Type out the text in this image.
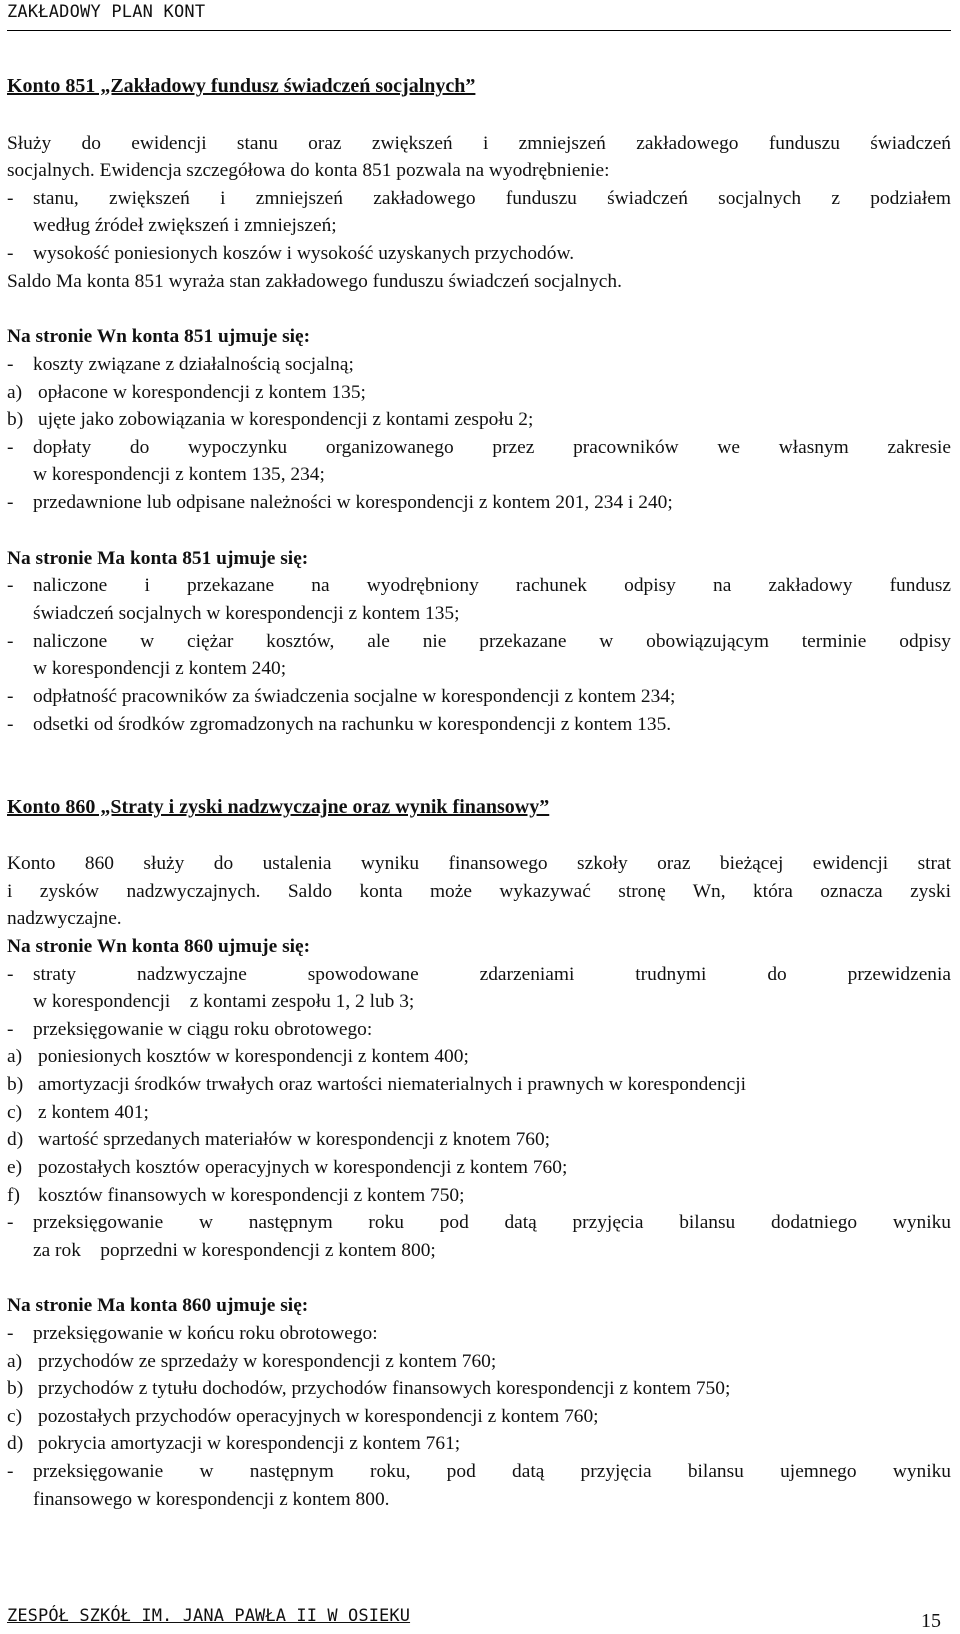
ZAKŁADOWY PLAN KONT
Konto 851 „Zakładowy fundusz świadczeń socjalnych”
Służy do ewidencji stanu oraz zwiększeń i zmniejszeń zakładowego funduszu świadczeń
socjalnych. Ewidencja szczegółowa do konta 851 pozwala na wyodrębnienie:
- stanu, zwiększeń i zmniejszeń zakładowego funduszu świadczeń socjalnych z podziałem
według źródeł zwiększeń i zmniejszeń;
- wysokość poniesionych koszów i wysokość uzyskanych przychodów.
Saldo Ma konta 851 wyraża stan zakładowego funduszu świadczeń socjalnych.
Na stronie Wn konta 851 ujmuje się:
- koszty związane z działalnością socjalną;
a) opłacone w korespondencji z kontem 135;
b) ujęte jako zobowiązania w korespondencji z kontami zespołu 2;
- dopłaty do wypoczynku organizowanego przez pracowników we własnym zakresie
w korespondencji z kontem 135, 234;
- przedawnione lub odpisane należności w korespondencji z kontem 201, 234 i 240;
Na stronie Ma konta 851 ujmuje się:
- naliczone i przekazane na wyodrębniony rachunek odpisy na zakładowy fundusz
świadczeń socjalnych w korespondencji z kontem 135;
- naliczone w ciężar kosztów, ale nie przekazane w obowiązującym terminie odpisy
w korespondencji z kontem 240;
- odpłatność pracowników za świadczenia socjalne w korespondencji z kontem 234;
- odsetki od środków zgromadzonych na rachunku w korespondencji z kontem 135.
Konto 860 „Straty i zyski nadzwyczajne oraz wynik finansowy”
Konto 860 służy do ustalenia wyniku finansowego szkoły oraz bieżącej ewidencji strat
i zysków nadzwyczajnych. Saldo konta może wykazywać stronę Wn, która oznacza zyski
nadzwyczajne.
Na stronie Wn konta 860 ujmuje się:
- straty nadzwyczajne spowodowane zdarzeniami trudnymi do przewidzenia
w korespondencji    z kontami zespołu 1, 2 lub 3;
- przeksięgowanie w ciągu roku obrotowego:
a) poniesionych kosztów w korespondencji z kontem 400;
b) amortyzacji środków trwałych oraz wartości niematerialnych i prawnych w korespondencji
c) z kontem 401;
d) wartość sprzedanych materiałów w korespondencji z knotem 760;
e) pozostałych kosztów operacyjnych w korespondencji z kontem 760;
f) kosztów finansowych w korespondencji z kontem 750;
- przeksięgowanie w następnym roku pod datą przyjęcia bilansu dodatniego wyniku
za rok    poprzedni w korespondencji z kontem 800;
Na stronie Ma konta 860 ujmuje się:
- przeksięgowanie w końcu roku obrotowego:
a) przychodów ze sprzedaży w korespondencji z kontem 760;
b) przychodów z tytułu dochodów, przychodów finansowych korespondencji z kontem 750;
c) pozostałych przychodów operacyjnych w korespondencji z kontem 760;
d) pokrycia amortyzacji w korespondencji z kontem 761;
- przeksięgowanie w następnym roku, pod datą przyjęcia bilansu ujemnego wyniku
finansowego w korespondencji z kontem 800.
ZESPÓŁ SZKÓŁ IM. JANA PAWŁA II W OSIEKU	15
